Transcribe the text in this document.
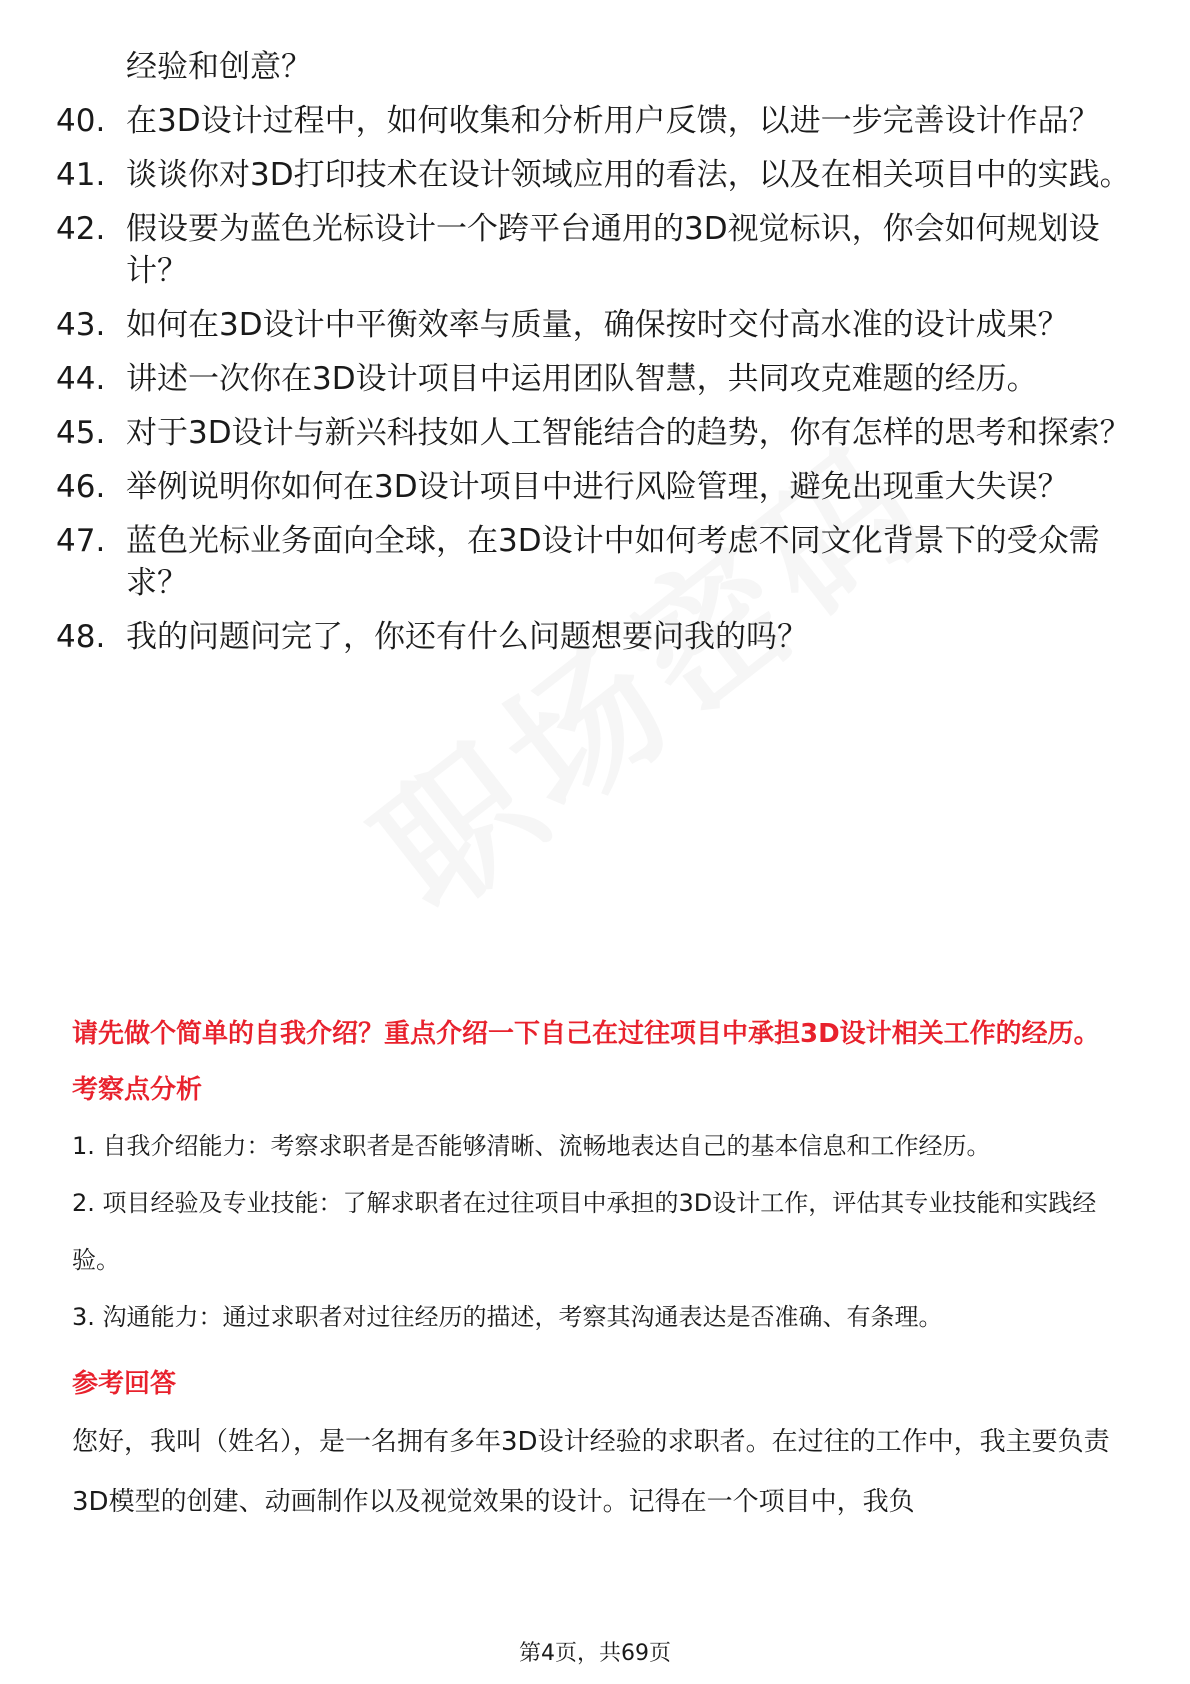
经验和创意？
40. 在3D设计过程中，如何收集和分析用户反馈，以进一步完善设计作品？
41. 谈谈你对3D打印技术在设计领域应用的看法，以及在相关项目中的实践。
42. 假设要为蓝色光标设计一个跨平台通用的3D视觉标识，你会如何规划设计？
43. 如何在3D设计中平衡效率与质量，确保按时交付高水准的设计成果？
44. 讲述一次你在3D设计项目中运用团队智慧，共同攻克难题的经历。
45. 对于3D设计与新兴科技如人工智能结合的趋势，你有怎样的思考和探索？
46. 举例说明你如何在3D设计项目中进行风险管理，避免出现重大失误？
47. 蓝色光标业务面向全球，在3D设计中如何考虑不同文化背景下的受众需求？
48. 我的问题问完了，你还有什么问题想要问我的吗？
请先做个简单的自我介绍？重点介绍一下自己在过往项目中承担3D设计相关工作的经历。
考察点分析
1. 自我介绍能力：考察求职者是否能够清晰、流畅地表达自己的基本信息和工作经历。
2. 项目经验及专业技能：了解求职者在过往项目中承担的3D设计工作，评估其专业技能和实践经验。
3. 沟通能力：通过求职者对过往经历的描述，考察其沟通表达是否准确、有条理。
参考回答
您好，我叫（姓名），是一名拥有多年3D设计经验的求职者。在过往的工作中，我主要负责3D模型的创建、动画制作以及视觉效果的设计。记得在一个项目中，我负
第4页，共69页
